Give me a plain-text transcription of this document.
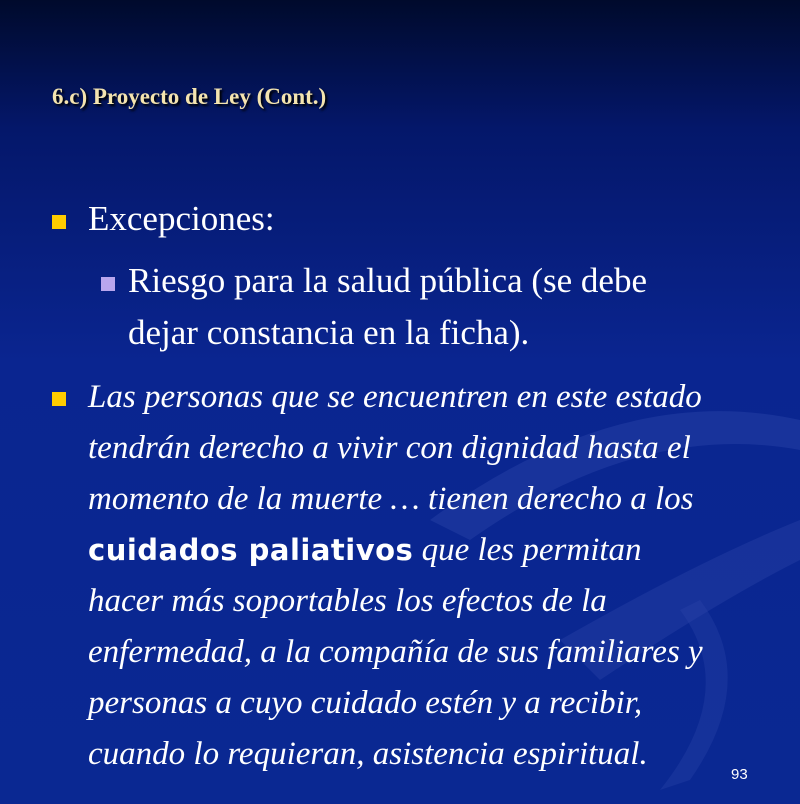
6.c) Proyecto de Ley (Cont.)
Excepciones:
Riesgo para la salud pública (se debe
dejar constancia en la ficha).
Las personas que se encuentren en este estado
tendrán derecho a vivir con dignidad hasta el
momento de la muerte … tienen derecho a los
cuidados paliativos que les permitan
hacer más soportables los efectos de la
enfermedad, a la compañía de sus familiares y
personas a cuyo cuidado estén y a recibir,
cuando lo requieran, asistencia espiritual.
93
